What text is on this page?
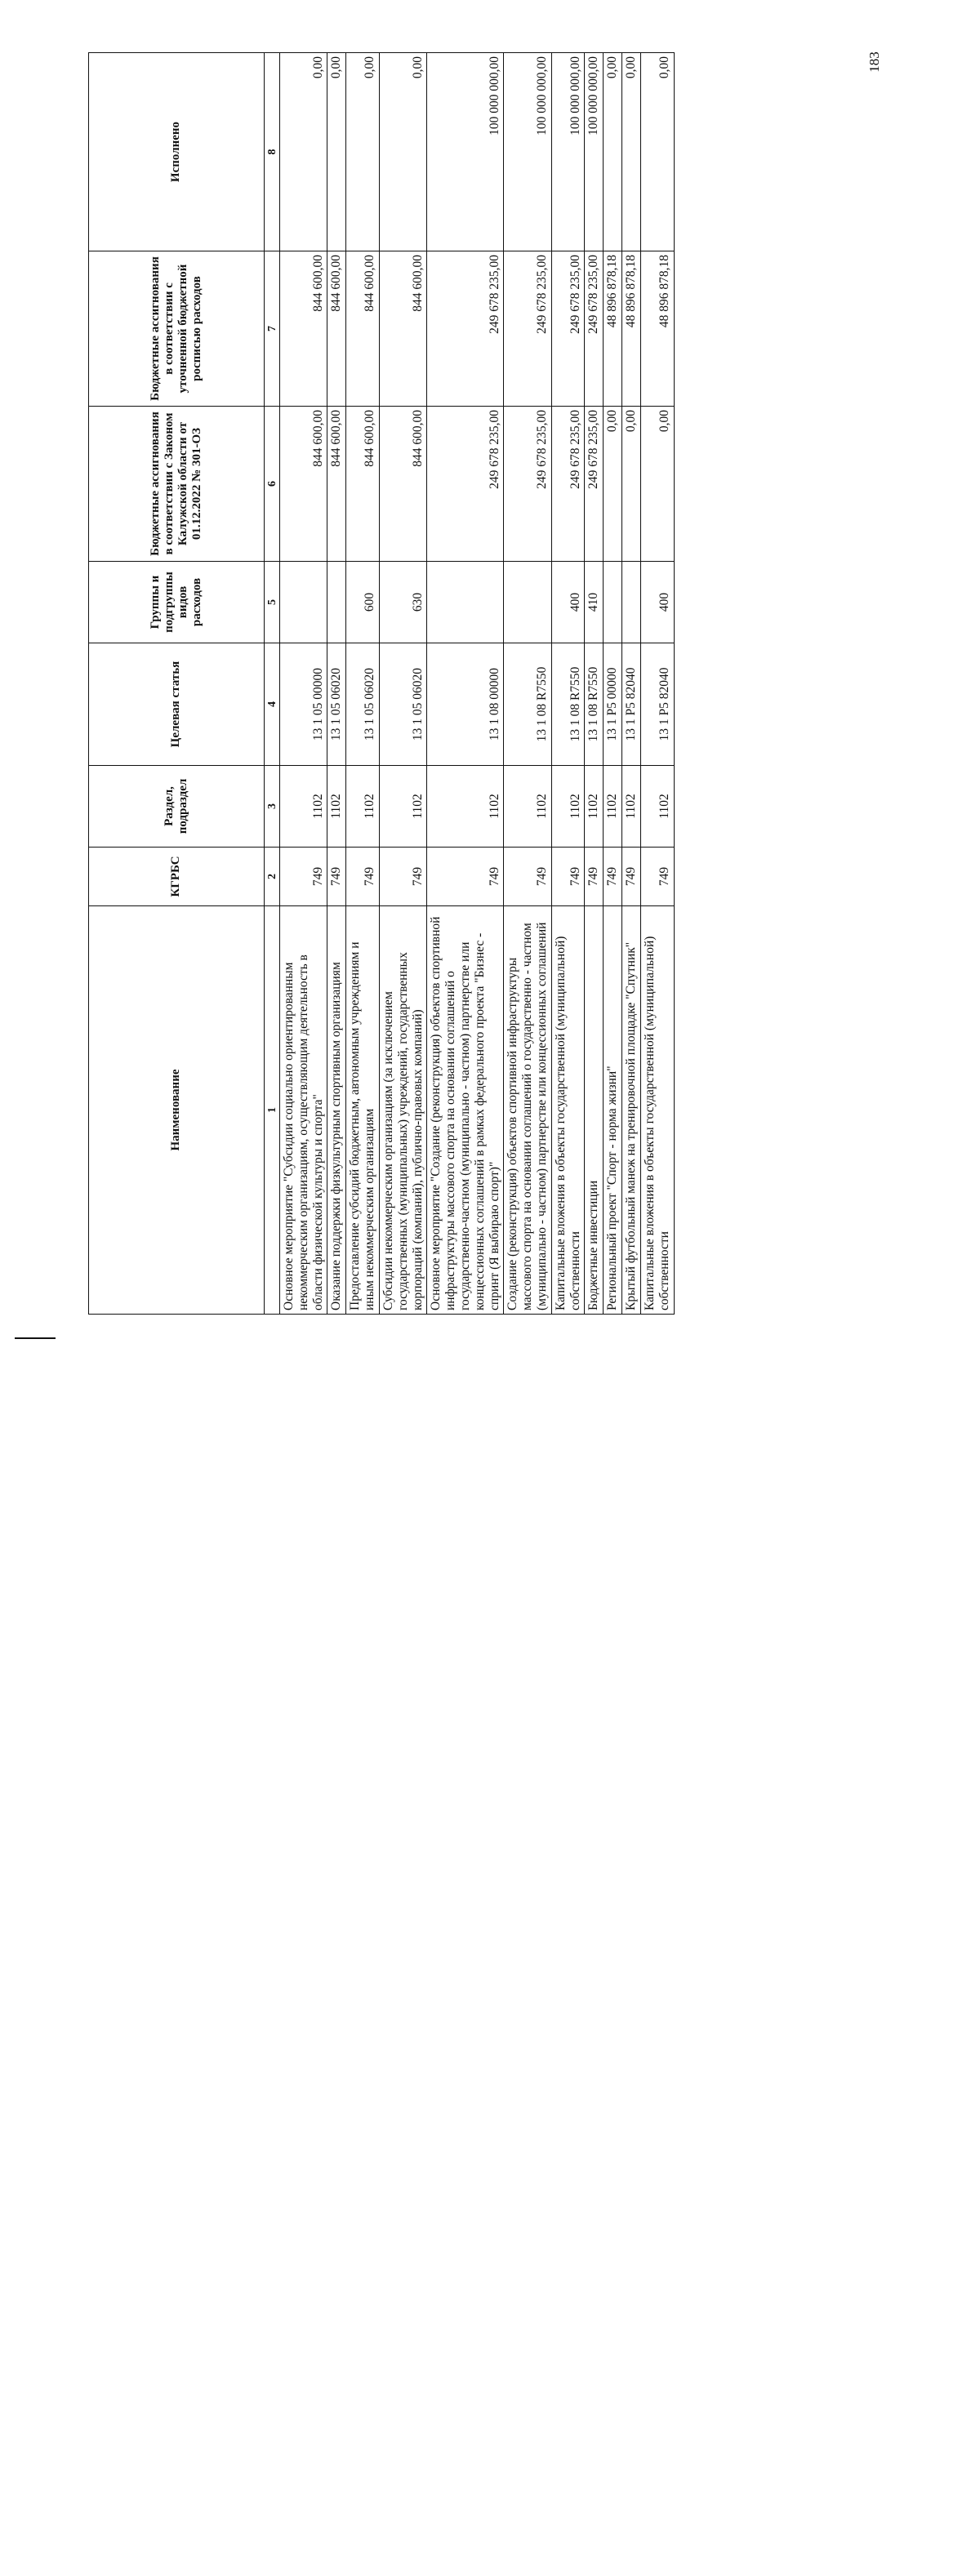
183
Наименование	КГРБС	Раздел, подраздел	Целевая статья	Группы и подгруппы видов расходов	Бюджетные ассигнования в соответствии с Законом Калужской области от 01.12.2022 № 301-ОЗ	Бюджетные ассигнования в соответствии с уточненной бюджетной росписью расходов	Исполнено
1	2	3	4	5	6	7	8
Основное мероприятие "Субсидии социально ориентированным некоммерческим организациям, осуществляющим деятельность в области физической культуры и спорта"	749	1102	13 1 05 00000		844 600,00	844 600,00	0,00
Оказание поддержки физкультурным спортивным организациям	749	1102	13 1 05 06020		844 600,00	844 600,00	0,00
Предоставление субсидий бюджетным, автономным учреждениям и иным некоммерческим организациям	749	1102	13 1 05 06020	600	844 600,00	844 600,00	0,00
Субсидии некоммерческим организациям (за исключением государственных (муниципальных) учреждений, государственных корпораций (компаний), публично-правовых компаний)	749	1102	13 1 05 06020	630	844 600,00	844 600,00	0,00
Основное мероприятие "Создание (реконструкция) объектов спортивной инфраструктуры массового спорта на основании соглашений о государственно-частном (муниципально - частном) партнерстве или концессионных соглашений в рамках федерального проекта "Бизнес - спринт (Я выбираю спорт)"	749	1102	13 1 08 00000		249 678 235,00	249 678 235,00	100 000 000,00
Создание (реконструкция) объектов спортивной инфраструктуры массового спорта на основании соглашений о государственно - частном (муниципально - частном) партнерстве или концессионных соглашений	749	1102	13 1 08 R7550		249 678 235,00	249 678 235,00	100 000 000,00
Капитальные вложения в объекты государственной (муниципальной) собственности	749	1102	13 1 08 R7550	400	249 678 235,00	249 678 235,00	100 000 000,00
Бюджетные инвестиции	749	1102	13 1 08 R7550	410	249 678 235,00	249 678 235,00	100 000 000,00
Региональный проект "Спорт - норма жизни"	749	1102	13 1 P5 00000		0,00	48 896 878,18	0,00
Крытый футбольный манеж на тренировочной площадке "Спутник"	749	1102	13 1 P5 82040		0,00	48 896 878,18	0,00
Капитальные вложения в объекты государственной (муниципальной) собственности	749	1102	13 1 P5 82040	400	0,00	48 896 878,18	0,00
